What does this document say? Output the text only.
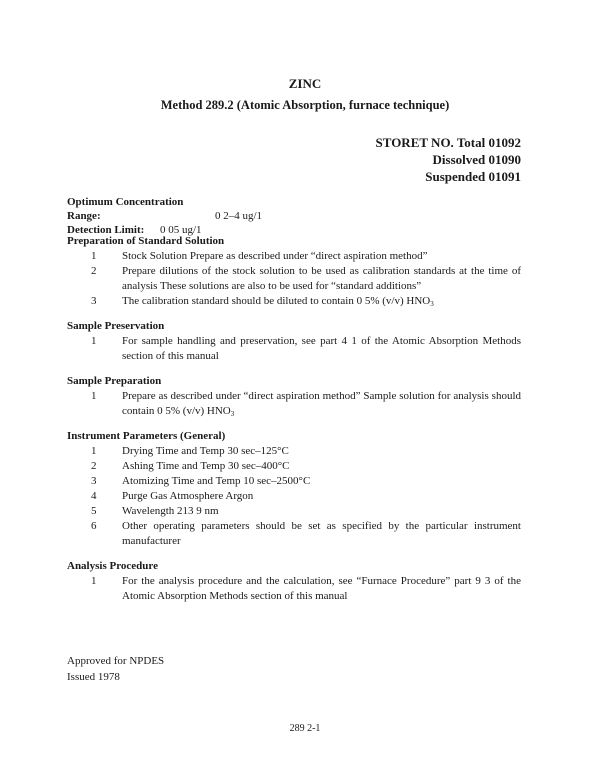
ZINC
Method 289.2 (Atomic Absorption, furnace technique)
STORET NO. Total 01092
Dissolved 01090
Suspended 01091
Optimum Concentration Range:	0 2–4 ug/1
Detection Limit: 0 05 ug/1
Preparation of Standard Solution
1	Stock Solution Prepare as described under “direct aspiration method”
2	Prepare dilutions of the stock solution to be used as calibration standards at the time of analysis These solutions are also to be used for “standard additions”
3	The calibration standard should be diluted to contain 0 5% (v/v) $HNO_3$
Sample Preservation
1	For sample handling and preservation, see part 4 1 of the Atomic Absorption Methods section of this manual
Sample Preparation
1	Prepare as described under “direct aspiration method” Sample solution for analysis should contain 0 5% (v/v) $HNO_3$
Instrument Parameters (General)
1	Drying Time and Temp 30 sec–125°C
2	Ashing Time and Temp 30 sec–400°C
3	Atomizing Time and Temp 10 sec–2500°C
4	Purge Gas Atmosphere Argon
5	Wavelength 213 9 nm
6	Other operating parameters should be set as specified by the particular instrument manufacturer
Analysis Procedure
1	For the analysis procedure and the calculation, see “Furnace Procedure” part 9 3 of the Atomic Absorption Methods section of this manual
Approved for NPDES
Issued 1978
289 2-1
